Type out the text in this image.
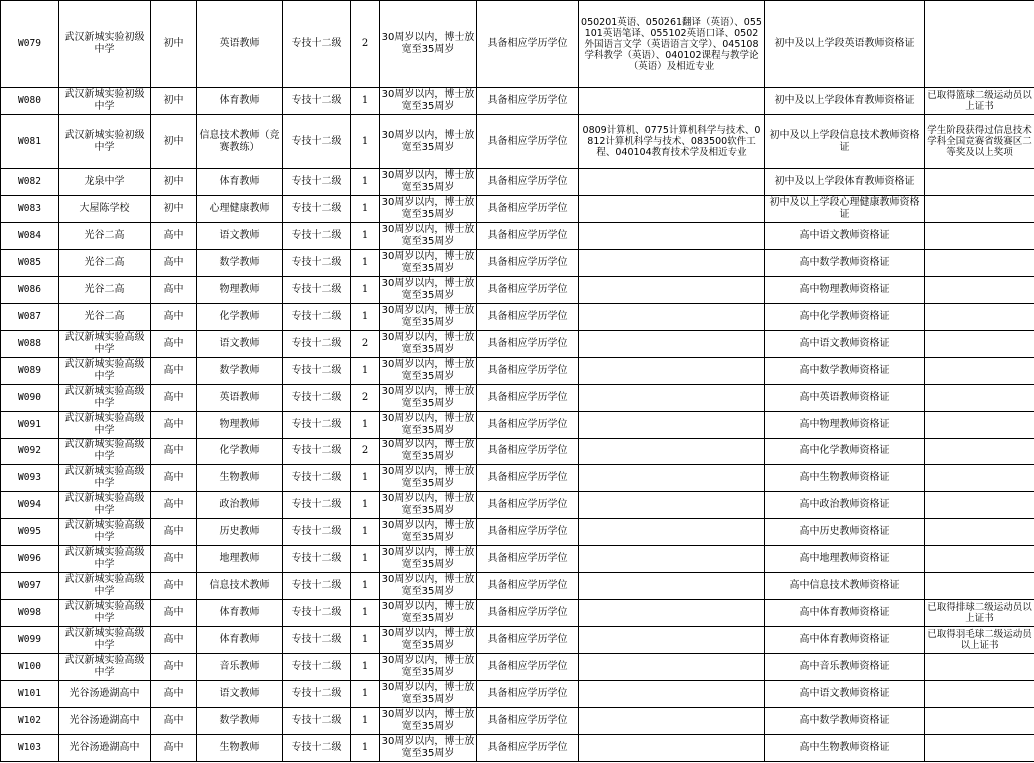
W079	武汉新城实验初级中学	初中	英语教师	专技十二级	2	30周岁以内，博士放宽至35周岁	具备相应学历学位	050201英语、050261翻译（英语）、055101英语笔译、055102英语口译、0502外国语言文学（英语语言文学）、045108学科教学（英语）、040102课程与教学论（英语）及相近专业	初中及以上学段英语教师资格证	
W080	武汉新城实验初级中学	初中	体育教师	专技十二级	1	30周岁以内，博士放宽至35周岁	具备相应学历学位		初中及以上学段体育教师资格证	已取得篮球二级运动员以上证书
W081	武汉新城实验初级中学	初中	信息技术教师（竞赛教练）	专技十二级	1	30周岁以内，博士放宽至35周岁	具备相应学历学位	0809计算机、0775计算机科学与技术、0812计算机科学与技术、083500软件工程、040104教育技术学及相近专业	初中及以上学段信息技术教师资格证	学生阶段获得过信息技术学科全国竞赛省级赛区二等奖及以上奖项
W082	龙泉中学	初中	体育教师	专技十二级	1	30周岁以内，博士放宽至35周岁	具备相应学历学位		初中及以上学段体育教师资格证	
W083	大屋陈学校	初中	心理健康教师	专技十二级	1	30周岁以内，博士放宽至35周岁	具备相应学历学位		初中及以上学段心理健康教师资格证	
W084	光谷二高	高中	语文教师	专技十二级	1	30周岁以内，博士放宽至35周岁	具备相应学历学位		高中语文教师资格证	
W085	光谷二高	高中	数学教师	专技十二级	1	30周岁以内，博士放宽至35周岁	具备相应学历学位		高中数学教师资格证	
W086	光谷二高	高中	物理教师	专技十二级	1	30周岁以内，博士放宽至35周岁	具备相应学历学位		高中物理教师资格证	
W087	光谷二高	高中	化学教师	专技十二级	1	30周岁以内，博士放宽至35周岁	具备相应学历学位		高中化学教师资格证	
W088	武汉新城实验高级中学	高中	语文教师	专技十二级	2	30周岁以内，博士放宽至35周岁	具备相应学历学位		高中语文教师资格证	
W089	武汉新城实验高级中学	高中	数学教师	专技十二级	1	30周岁以内，博士放宽至35周岁	具备相应学历学位		高中数学教师资格证	
W090	武汉新城实验高级中学	高中	英语教师	专技十二级	2	30周岁以内，博士放宽至35周岁	具备相应学历学位		高中英语教师资格证	
W091	武汉新城实验高级中学	高中	物理教师	专技十二级	1	30周岁以内，博士放宽至35周岁	具备相应学历学位		高中物理教师资格证	
W092	武汉新城实验高级中学	高中	化学教师	专技十二级	2	30周岁以内，博士放宽至35周岁	具备相应学历学位		高中化学教师资格证	
W093	武汉新城实验高级中学	高中	生物教师	专技十二级	1	30周岁以内，博士放宽至35周岁	具备相应学历学位		高中生物教师资格证	
W094	武汉新城实验高级中学	高中	政治教师	专技十二级	1	30周岁以内，博士放宽至35周岁	具备相应学历学位		高中政治教师资格证	
W095	武汉新城实验高级中学	高中	历史教师	专技十二级	1	30周岁以内，博士放宽至35周岁	具备相应学历学位		高中历史教师资格证	
W096	武汉新城实验高级中学	高中	地理教师	专技十二级	1	30周岁以内，博士放宽至35周岁	具备相应学历学位		高中地理教师资格证	
W097	武汉新城实验高级中学	高中	信息技术教师	专技十二级	1	30周岁以内，博士放宽至35周岁	具备相应学历学位		高中信息技术教师资格证	
W098	武汉新城实验高级中学	高中	体育教师	专技十二级	1	30周岁以内，博士放宽至35周岁	具备相应学历学位		高中体育教师资格证	已取得排球二级运动员以上证书
W099	武汉新城实验高级中学	高中	体育教师	专技十二级	1	30周岁以内，博士放宽至35周岁	具备相应学历学位		高中体育教师资格证	已取得羽毛球二级运动员以上证书
W100	武汉新城实验高级中学	高中	音乐教师	专技十二级	1	30周岁以内，博士放宽至35周岁	具备相应学历学位		高中音乐教师资格证	
W101	光谷汤逊湖高中	高中	语文教师	专技十二级	1	30周岁以内，博士放宽至35周岁	具备相应学历学位		高中语文教师资格证	
W102	光谷汤逊湖高中	高中	数学教师	专技十二级	1	30周岁以内，博士放宽至35周岁	具备相应学历学位		高中数学教师资格证	
W103	光谷汤逊湖高中	高中	生物教师	专技十二级	1	30周岁以内，博士放宽至35周岁	具备相应学历学位		高中生物教师资格证	
